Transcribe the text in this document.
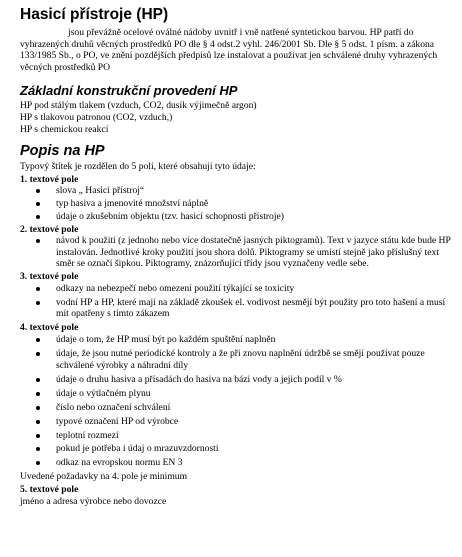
Hasicí přístroje (HP)

jsou převážně ocelové oválné nádoby uvnitř i vně natřené syntetickou barvou. HP patří do vyhrazených druhů věcných prostředků PO dle § 4 odst.2 vyhl. 246/2001 Sb. Dle § 5 odst. 1 písm. a zákona 133/1985 Sb., o PO, ve znění pozdějších předpisů lze instalovat a používat jen schválené druhy vyhrazených věcných prostředků PO

Základní konstrukční provedení HP
HP pod stálým tlakem (vzduch, CO2, dusík výjimečně argon)
HP s tlakovou patronou (CO2, vzduch,)
HP s chemickou reakcí
Popis na HP
Typový štítek je rozdělen do 5 polí, které obsahují tyto údaje:
1. textové pole
slova „ Hasicí přístroj“
typ hasiva a jmenovité množství náplně
údaje o zkušebním objektu (tzv. hasicí schopnosti přístroje)
2. textové pole
návod k použití (z jednoho nebo více dostatečně jasných piktogramů). Text v jazyce státu kde bude HP instalován. Jednotlivé kroky použití jsou shora dolů. Piktogramy se umístí stejně jako příslušný text směr se označí šipkou. Piktogramy, znázorňující třídy jsou vyznačeny vedle sebe.
3. textové pole
odkazy na nebezpečí nebo omezení použití týkající se toxicity
vodní HP a HP, které mají na základě zkoušek el. vodivost nesmějí být použity pro toto hašení a musí mít opatřeny s tímto zákazem
4. textové pole
údaje o tom, že HP musí být po každém spuštění naplněn
údaje, že jsou nutné periodické kontroly a že při znovu naplnění údržbě se smějí používat pouze schválené výrobky a náhradní díly
údaje o druhu hasiva a přísadách do hasiva na bázi vody a jejich podíl v %
údaje o výtlačném plynu
číslo nebo označení schválení
typové označení HP od výrobce
teplotní rozmezí
pokud je potřeba i údaj o mrazuvzdornosti
odkaz na evropskou normu EN 3
Uvedené požadavky na 4. pole je minimum
5. textové pole
jméno a adresa výrobce nebo dovozce
